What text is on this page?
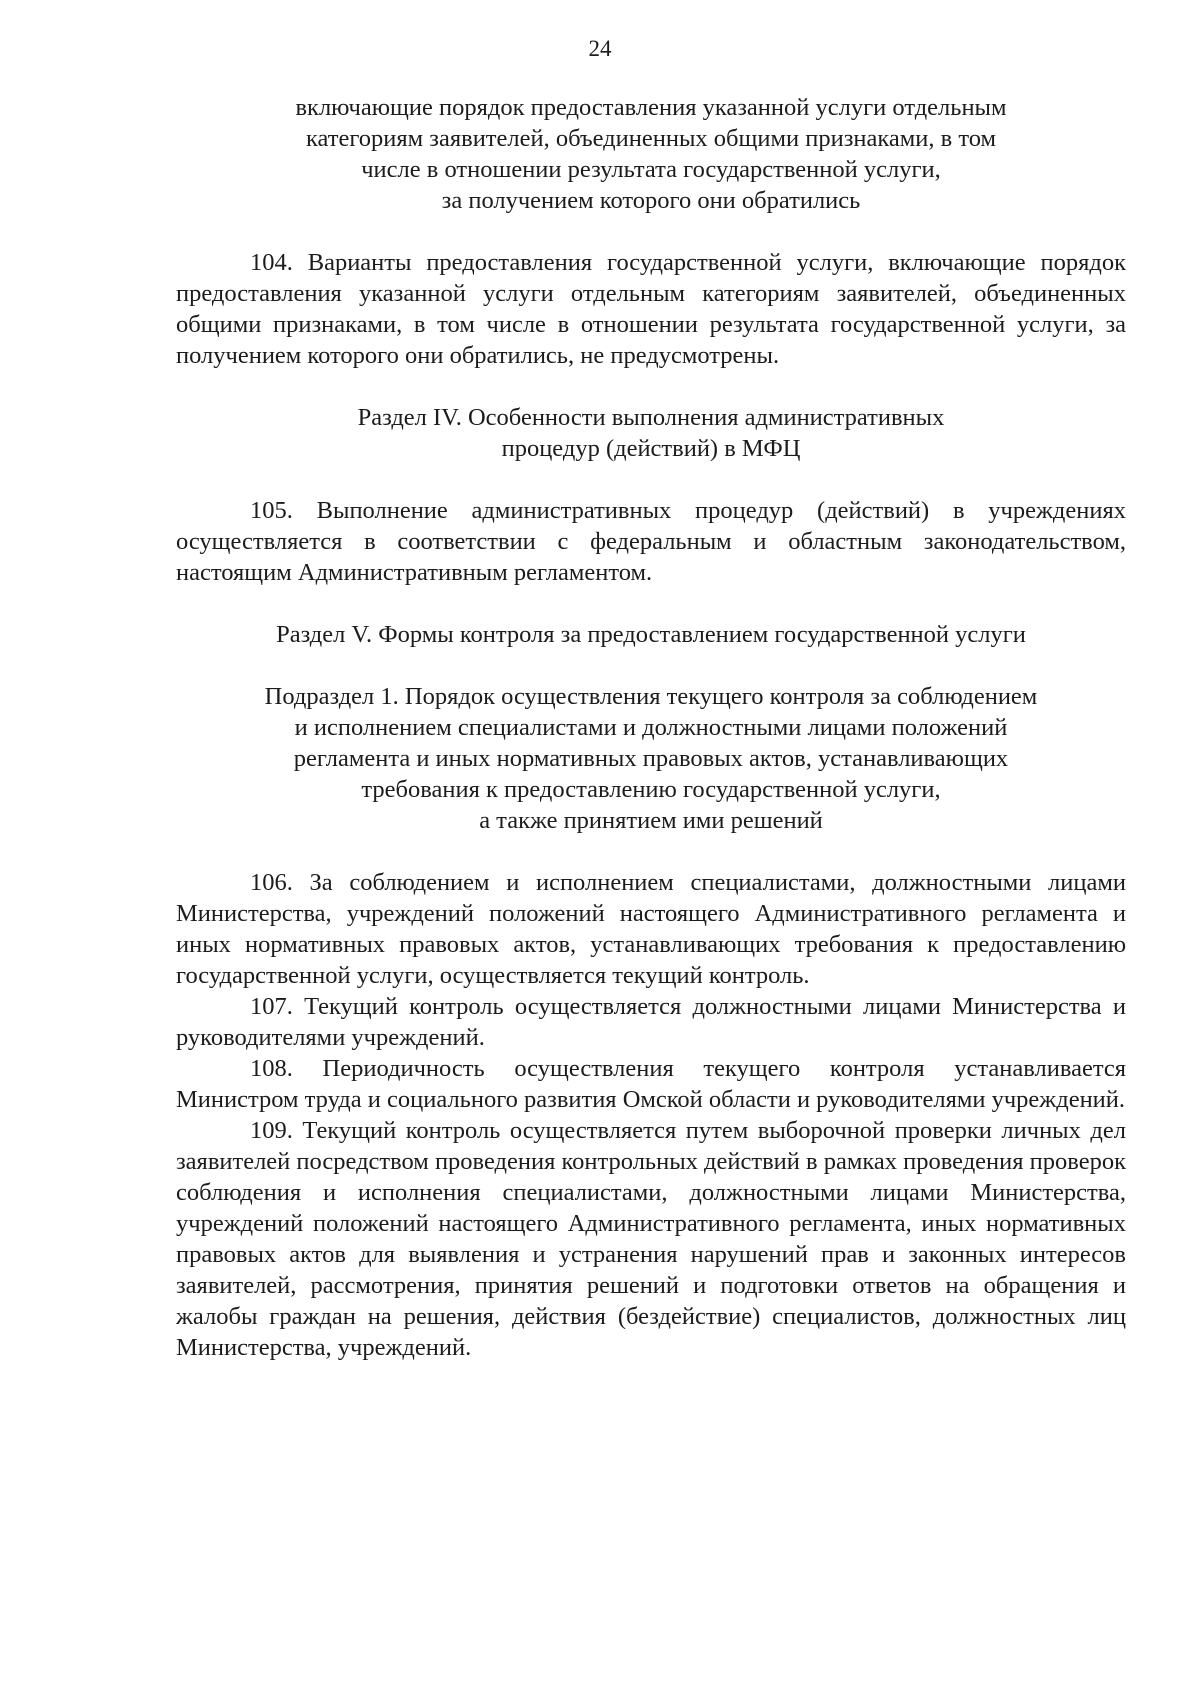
24
включающие порядок предоставления указанной услуги отдельным
категориям заявителей, объединенных общими признаками, в том
числе в отношении результата государственной услуги,
за получением которого они обратились

104. Варианты предоставления государственной услуги, включающие порядок предоставления указанной услуги отдельным категориям заявителей, объединенных общими признаками, в том числе в отношении результата государственной услуги, за получением которого они обратились, не предусмотрены.

Раздел IV. Особенности выполнения административных
процедур (действий) в МФЦ

105. Выполнение административных процедур (действий) в учреждениях осуществляется в соответствии с федеральным и областным законодательством, настоящим Административным регламентом.

Раздел V. Формы контроля за предоставлением государственной услуги
Подраздел 1. Порядок осуществления текущего контроля за соблюдением
и исполнением специалистами и должностными лицами положений
регламента и иных нормативных правовых актов, устанавливающих
требования к предоставлению государственной услуги,
а также принятием ими решений

106. За соблюдением и исполнением специалистами, должностными лицами Министерства, учреждений положений настоящего Административного регламента и иных нормативных правовых актов, устанавливающих требования к предоставлению государственной услуги, осуществляется текущий контроль.

107. Текущий контроль осуществляется должностными лицами Министерства и руководителями учреждений.

108. Периодичность осуществления текущего контроля устанавливается Министром труда и социального развития Омской области и руководителями учреждений.

109. Текущий контроль осуществляется путем выборочной проверки личных дел заявителей посредством проведения контрольных действий в рамках проведения проверок соблюдения и исполнения специалистами, должностными лицами Министерства, учреждений положений настоящего Административного регламента, иных нормативных правовых актов для выявления и устранения нарушений прав и законных интересов заявителей, рассмотрения, принятия решений и подготовки ответов на обращения и жалобы граждан на решения, действия (бездействие) специалистов, должностных лиц Министерства, учреждений.
